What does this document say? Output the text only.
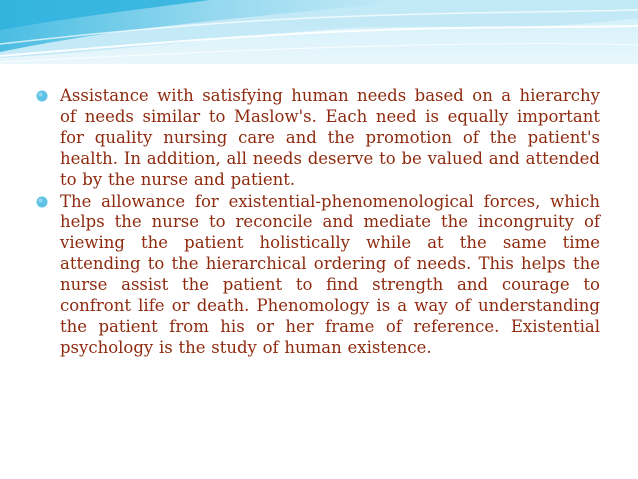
Assistance with satisfying human needs based on a hierarchy of needs similar to Maslow's. Each need is equally important for quality nursing care and the promotion of the patient's health. In addition, all needs deserve to be valued and attended to by the nurse and patient.
The allowance for existential-phenomenological forces, which helps the nurse to reconcile and mediate the incongruity of viewing the patient holistically while at the same time attending to the hierarchical ordering of needs. This helps the nurse assist the patient to find strength and courage to confront life or death. Phenomology is a way of understanding the patient from his or her frame of reference. Existential psychology is the study of human existence.
